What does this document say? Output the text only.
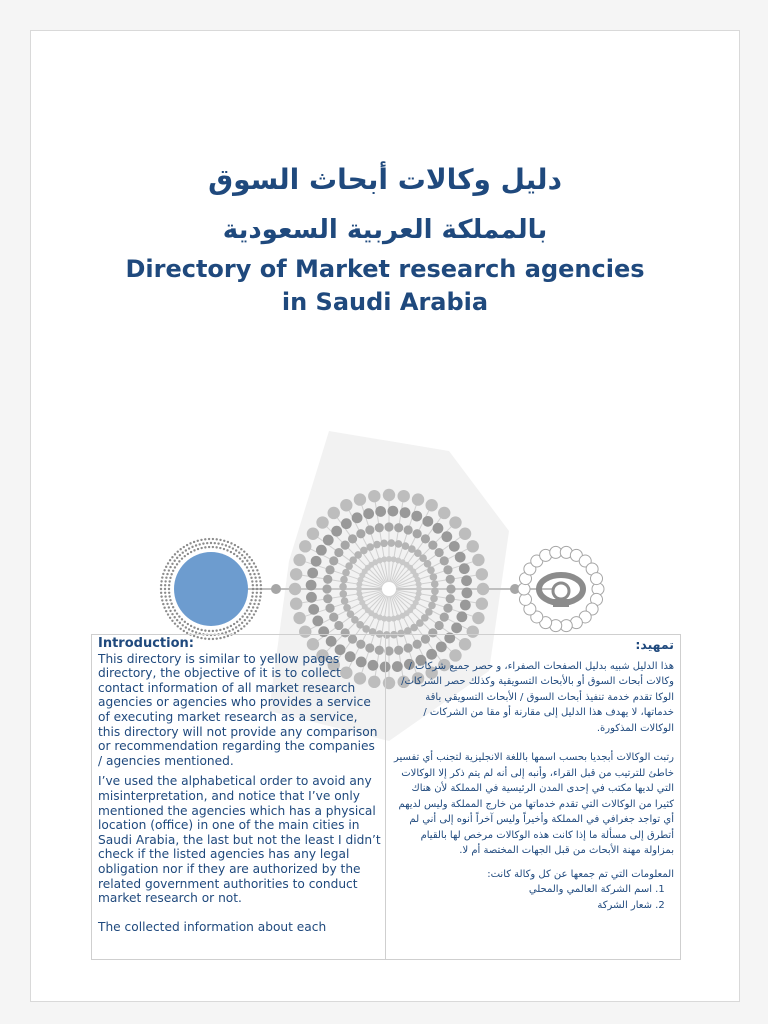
دليل وكالات أبحاث السوق
بالمملكة العربية السعودية
Directory of Market research agencies
in Saudi Arabia
Introduction:

This directory is similar to yellow pages directory, the objective of it is to collect contact information of all market research agencies or agencies who provides a service of executing market research as a service, this directory will not provide any comparison or recommendation regarding the companies / agencies mentioned.

I’ve used the alphabetical order to avoid any misinterpretation, and notice that I’ve only mentioned the agencies which has a physical location (office) in one of the main cities in Saudi Arabia, the last but not the least I didn’t check if the listed agencies has any legal obligation nor if they are authorized by the related government authorities to conduct market research or not.

The collected information about each

تمهيد:

هذا الدليل شبيه بدليل الصفحات الصفراء، و حصر جميع شركات / وكالات أبحاث السوق أو بالأبحاث التسويقية وكذلك حصر الشركات/الوكا تقدم خدمة تنفيذ أبحاث السوق / الأبحاث التسويقي باقة خدماتها، لا يهدف هذا الدليل إلى مقارنة أو مقا من الشركات / الوكالات المذكورة.

رتبت الوكالات أبجديا بحسب اسمها باللغة الانجليزية لتجنب أي تفسير خاطئ للترتيب من قبل القراء، وأنبه إلى أنه لم يتم ذكر إلا الوكالات التي لديها مكتب في إحدى المدن الرئيسية في المملكة لأن هناك كثيرا من الوكالات التي تقدم خدماتها من خارج المملكة وليس لديهم أي تواجد جغرافي في المملكة وأخيراً وليس آخراً أنوه إلى أني لم أتطرق إلى مسألة ما إذا كانت هذه الوكالات مرخص لها بالقيام بمزاولة مهنة الأبحاث من قبل الجهات المختصة أم لا.

المعلومات التي تم جمعها عن كل وكالة كانت:
1. اسم الشركة العالمي والمحلي
2. شعار الشركة
